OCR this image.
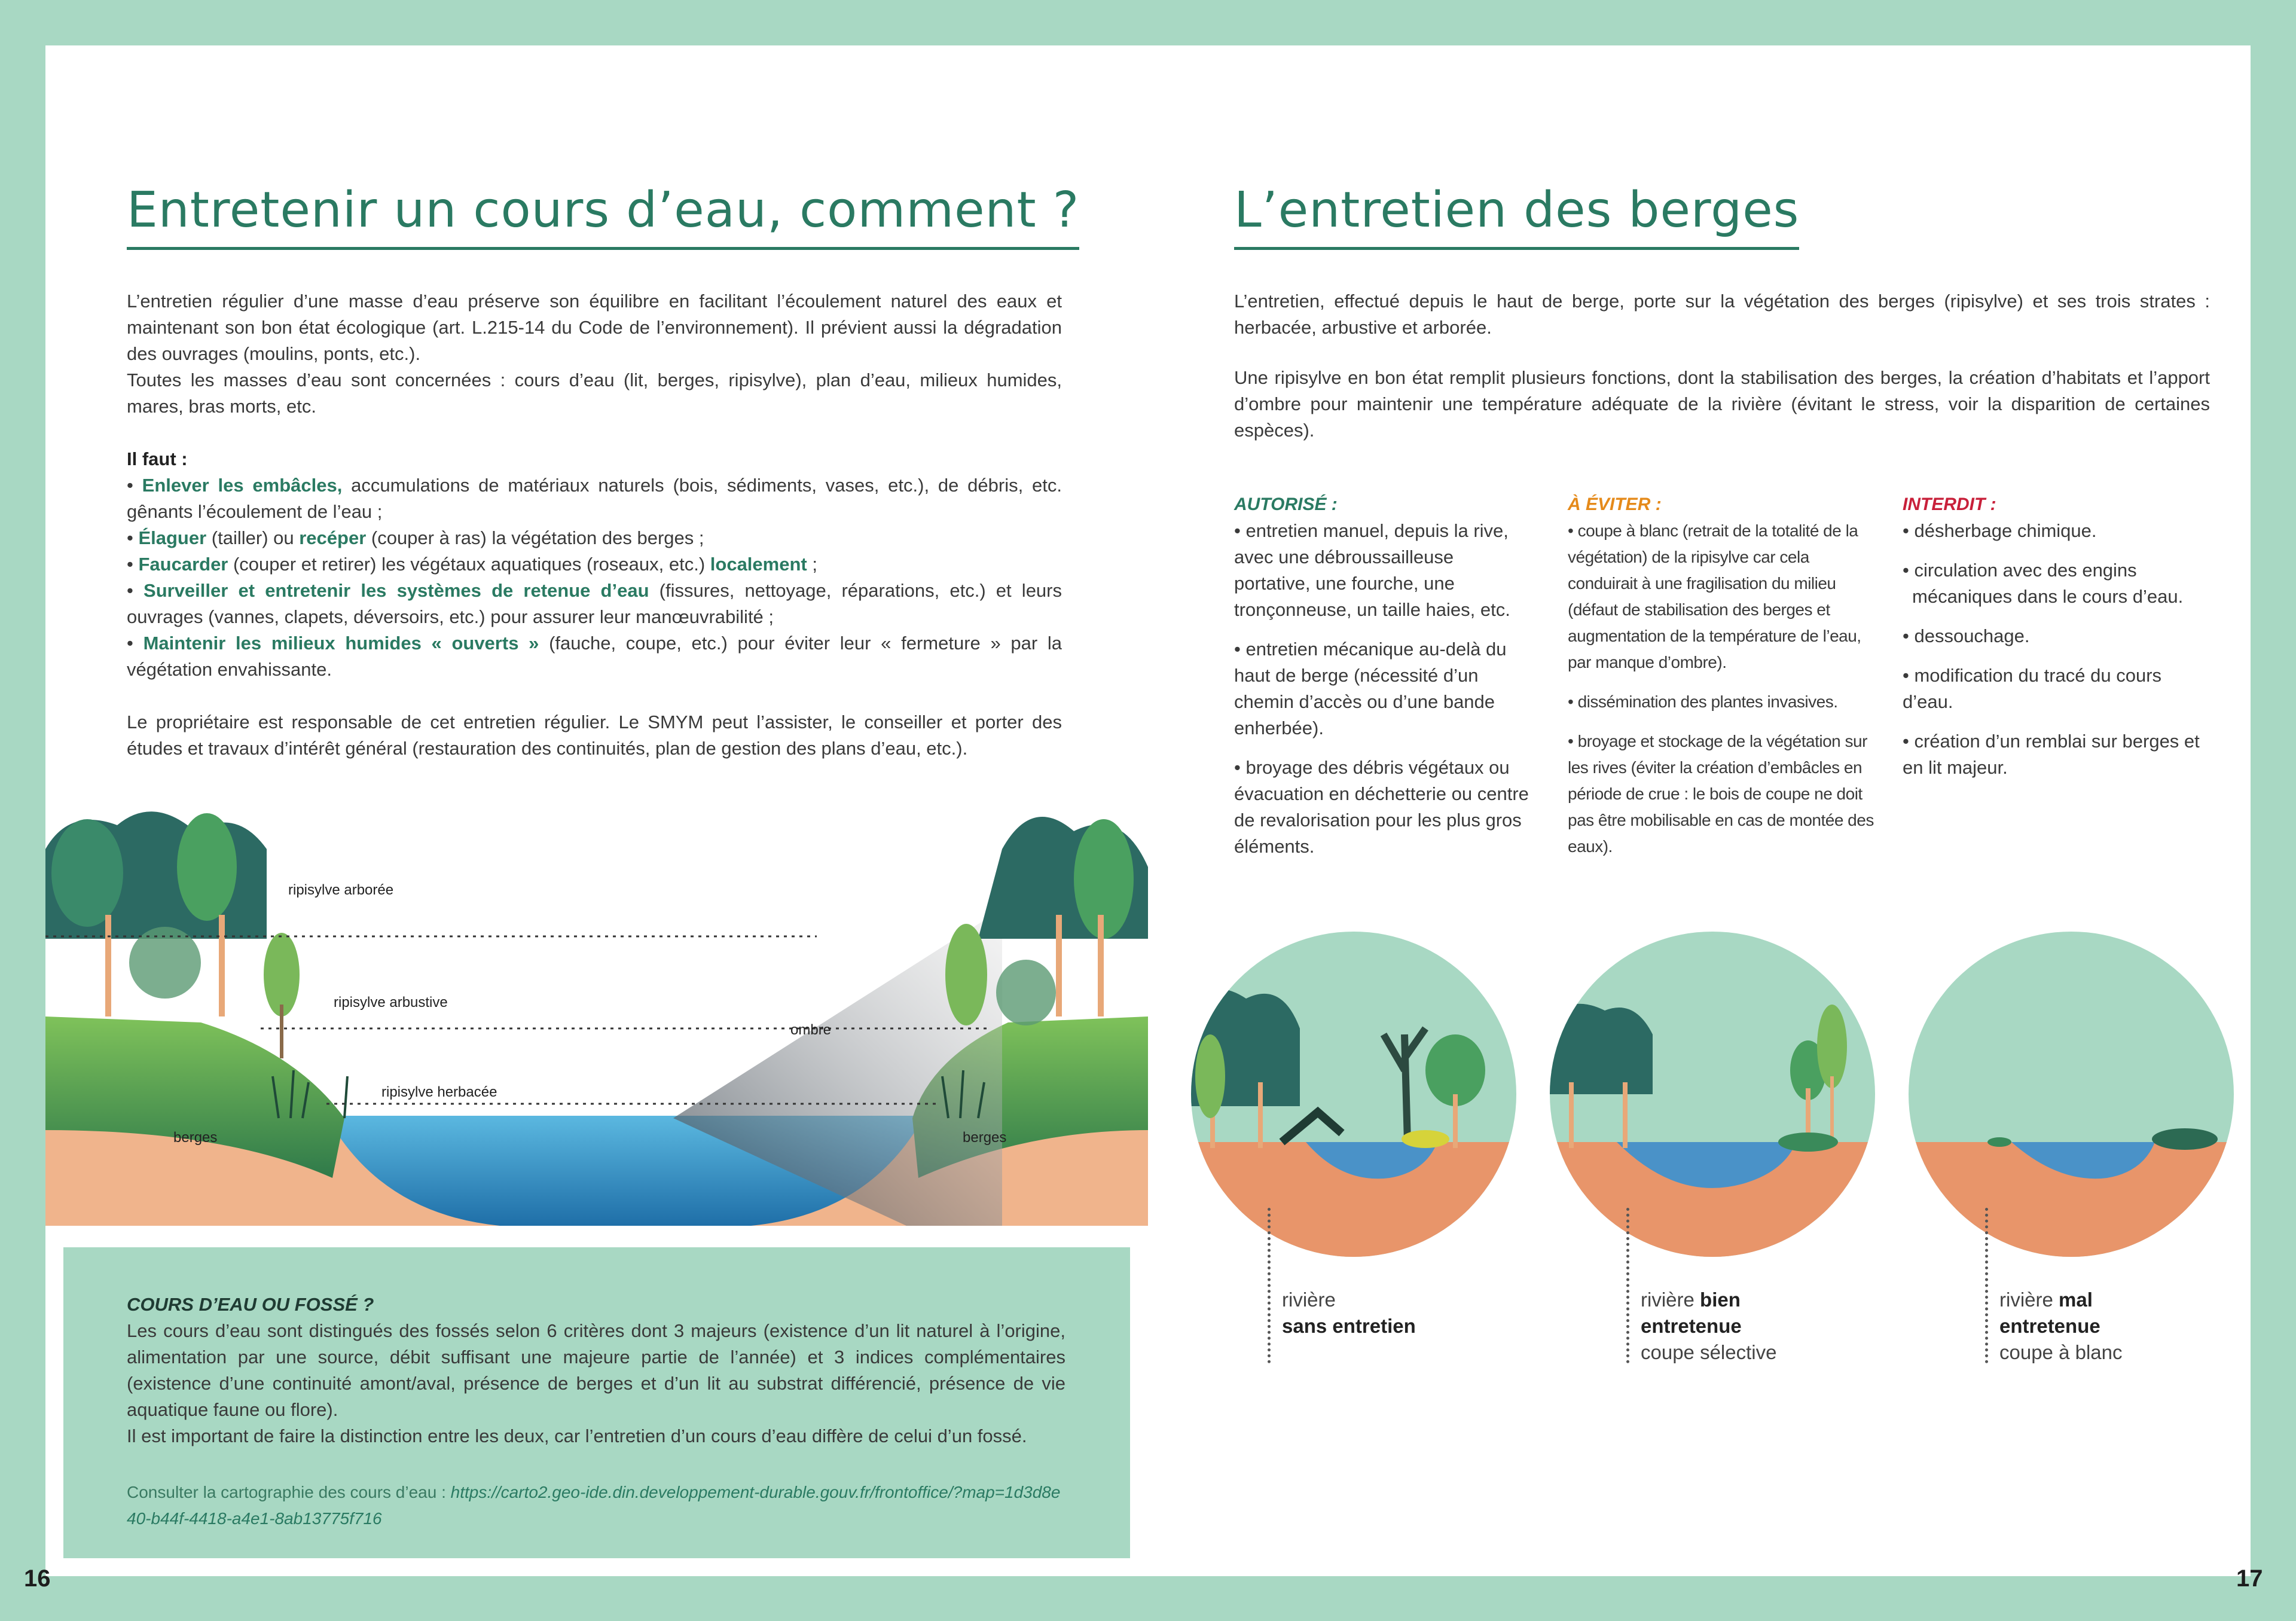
Entretenir un cours d’eau, comment ?

L’entretien régulier d’une masse d’eau préserve son équilibre en facilitant l’écoulement naturel des eaux et maintenant son bon état écologique (art. L.215-14 du Code de l’environnement). Il prévient aussi la dégradation des ouvrages (moulins, ponts, etc.).

Toutes les masses d’eau sont concernées : cours d’eau (lit, berges, ripisylve), plan d’eau, milieux humides, mares, bras morts, etc.

Il faut :

• Enlever les embâcles, accumulations de matériaux naturels (bois, sédiments, vases, etc.), de débris, etc. gênants l’écoulement de l’eau ;

• Élaguer (tailler) ou recéper (couper à ras) la végétation des berges ;

• Faucarder (couper et retirer) les végétaux aquatiques (roseaux, etc.) localement ;

• Surveiller et entretenir les systèmes de retenue d’eau (fissures, nettoyage, réparations, etc.) et leurs ouvrages (vannes, clapets, déversoirs, etc.) pour assurer leur manœuvrabilité ;

• Maintenir les milieux humides « ouverts » (fauche, coupe, etc.) pour éviter leur « fermeture » par la végétation envahissante.

Le propriétaire est responsable de cet entretien régulier. Le SMYM peut l’assister, le conseiller et porter des études et travaux d’intérêt général (restauration des continuités, plan de gestion des plans d’eau, etc.).

ripisylve arborée
ripisylve arbustive
ripisylve herbacée
ombre
berges	berges

COURS D’EAU OU FOSSÉ ?

Les cours d’eau sont distingués des fossés selon 6 critères dont 3 majeurs (existence d’un lit naturel à l’origine, alimentation par une source, débit suffisant une majeure partie de l’année) et 3 indices complémentaires (existence d’une continuité amont/aval, présence de berges et d’un lit au substrat différencié, présence de vie aquatique faune ou flore).

Il est important de faire la distinction entre les deux, car l’entretien d’un cours d’eau diffère de celui d’un fossé.

Consulter la cartographie des cours d’eau : https://carto2.geo-ide.din.developpement-durable.gouv.fr/frontoffice/?map=1d3d8e40-b44f-4418-a4e1-8ab13775f716

16
L’entretien des berges

L’entretien, effectué depuis le haut de berge, porte sur la végétation des berges (ripisylve) et ses trois strates : herbacée, arbustive et arborée.

Une ripisylve en bon état remplit plusieurs fonctions, dont la stabilisation des berges, la création d’habitats et l’apport d’ombre pour maintenir une température adéquate de la rivière (évitant le stress, voir la disparition de certaines espèces).

AUTORISÉ :

• entretien manuel, depuis la rive, avec une débroussailleuse portative, une fourche, une tronçonneuse, un taille haies, etc.

• entretien mécanique au-delà du haut de berge (nécessité d’un chemin d’accès ou d’une bande enherbée).

• broyage des débris végétaux ou évacuation en déchetterie ou centre de revalorisation pour les plus gros éléments.

À ÉVITER :

• coupe à blanc (retrait de la totalité de la végétation) de la ripisylve car cela conduirait à une fragilisation du milieu (défaut de stabilisation des berges et augmentation de la température de l’eau, par manque d’ombre).

• dissémination des plantes invasives.

• broyage et stockage de la végétation sur les rives (éviter la création d’embâcles en période de crue : le bois de coupe ne doit pas être mobilisable en cas de montée des eaux).

INTERDIT :

• désherbage chimique.

• circulation avec des engins mécaniques dans le cours d’eau.

• dessouchage.

• modification du tracé du cours d’eau.

• création d’un remblai sur berges et en lit majeur.

rivière
sans entretien
rivière bien
entretenue
coupe sélective
rivière mal
entretenue
coupe à blanc
17
